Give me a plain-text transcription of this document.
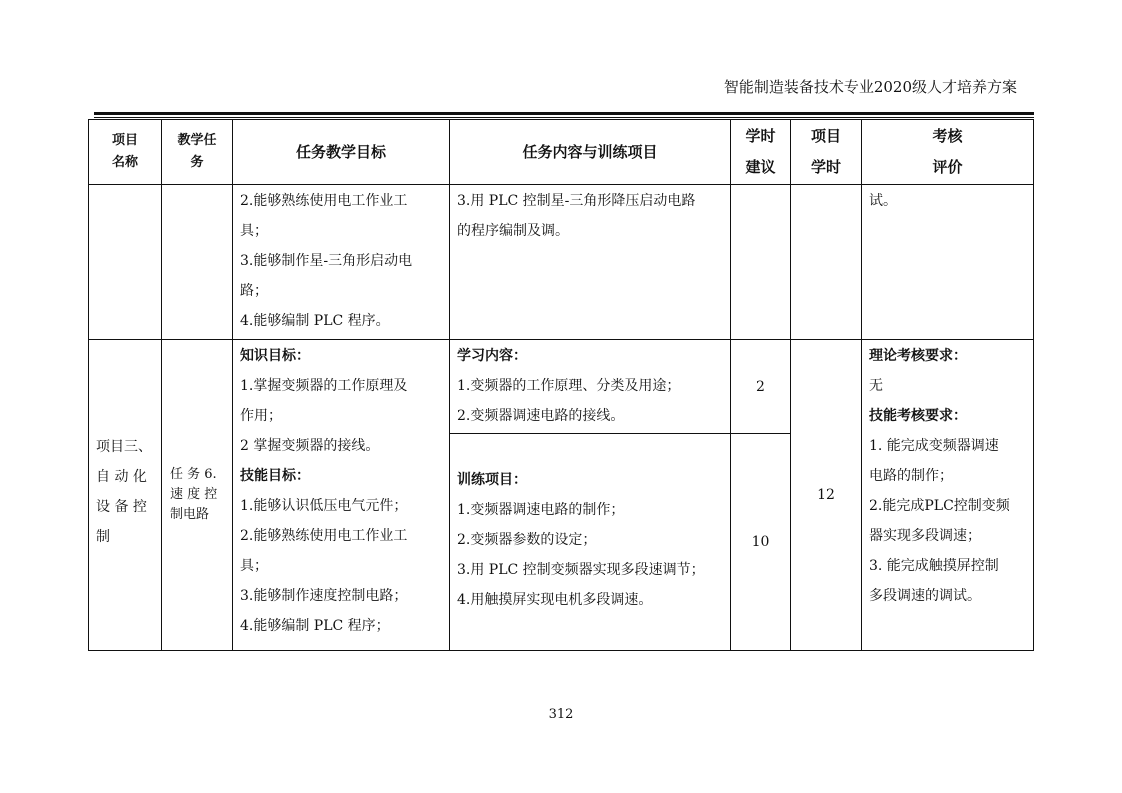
智能制造装备技术专业2020级人才培养方案
项目
名称
教学任
务
任务教学目标	任务内容与训练项目
学时
建议
项目
学时
考核
评价
2.能够熟练使用电工作业工
具；
3.能够制作星-三角形启动电
路；
4.能够编制 PLC 程序。
3.用 PLC 控制星-三角形降压启动电路
的程序编制及调。
试。
项目三、
自 动 化
设 备 控
制
任 务 6.
速 度 控
制电路
知识目标：
1.掌握变频器的工作原理及
作用；
2 掌握变频器的接线。
技能目标：
1.能够认识低压电气元件；
2.能够熟练使用电工作业工
具；
3.能够制作速度控制电路；
4.能够编制 PLC 程序；
学习内容：
1.变频器的工作原理、分类及用途；
2.变频器调速电路的接线。
训练项目：
1.变频器调速电路的制作；
2.变频器参数的设定；
3.用 PLC 控制变频器实现多段速调节；
4.用触摸屏实现电机多段调速。
2
10
12
理论考核要求：
无
技能考核要求：
1. 能完成变频器调速
电路的制作；
2.能完成PLC控制变频
器实现多段调速；
3. 能完成触摸屏控制
多段调速的调试。
312
